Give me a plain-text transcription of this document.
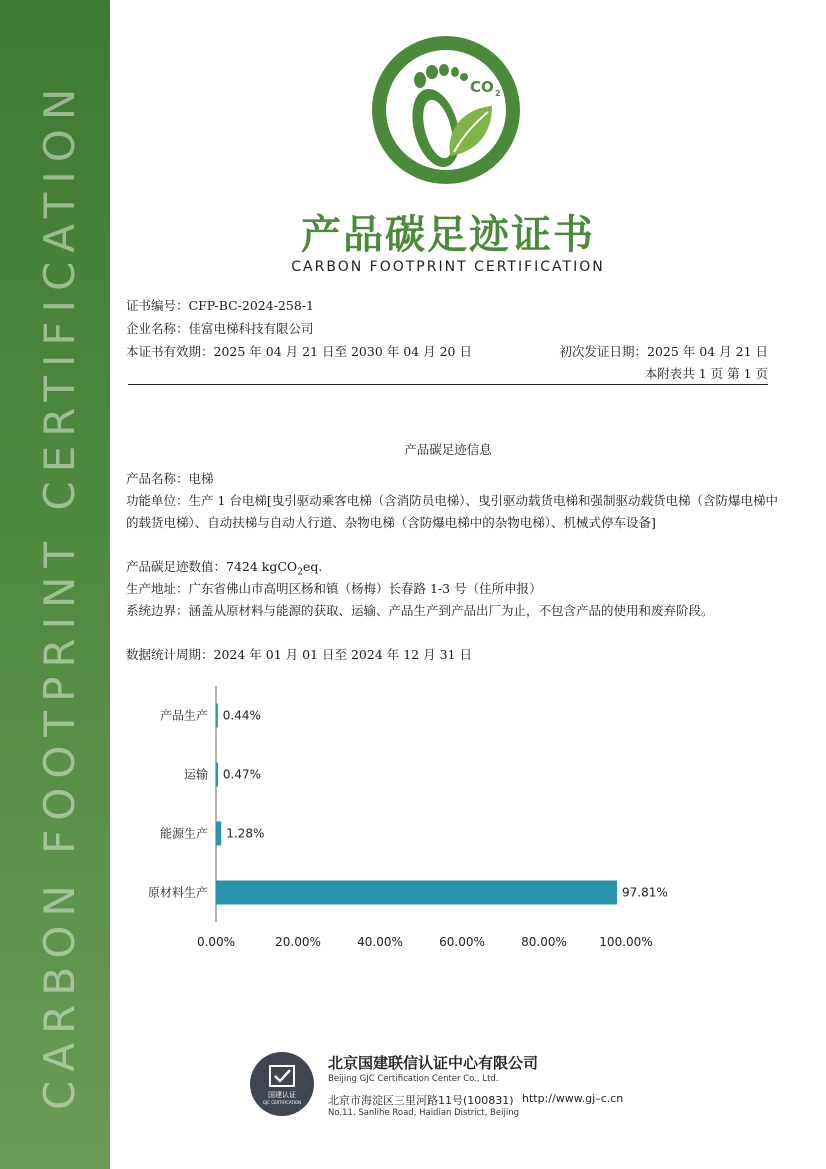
CARBON FOOTPRINT CERTIFICATION	CO 2
产品碳足迹证书
CARBON FOOTPRINT CERTIFICATION
证书编号：CFP-BC-2024-258-1
企业名称：佳富电梯科技有限公司
本证书有效期：2025 年 04 月 21 日至 2030 年 04 月 20 日	初次发证日期：2025 年 04 月 21 日
本附表共 1 页 第 1 页
产品碳足迹信息
产品名称：电梯
功能单位：生产 1 台电梯[曳引驱动乘客电梯（含消防员电梯）、曳引驱动载货电梯和强制驱动载货电梯（含防爆电梯中的载货电梯）、自动扶梯与自动人行道、杂物电梯（含防爆电梯中的杂物电梯）、机械式停车设备]
产品碳足迹数值：7424 kgCO$_2$eq.
生产地址：广东省佛山市高明区杨和镇（杨梅）长春路 1-3 号（住所申报）
系统边界：涵盖从原材料与能源的获取、运输、产品生产到产品出厂为止，不包含产品的使用和废弃阶段。
数据统计周期：2024 年 01 月 01 日至 2024 年 12 月 31 日
产品生产 0.44%
运输 0.47%
能源生产 1.28%
原材料生产	97.81%
0.00%	20.00%	40.00%	60.00%	80.00%	100.00%
国建认证
GJC CERTIFICATION
北京国建联信认证中心有限公司
Beijing GJC Certification Center Co., Ltd.
北京市海淀区三里河路11号(100831) http://www.gj–c.cn
No.11, Sanlihe Road, Haidian District, Beijing
